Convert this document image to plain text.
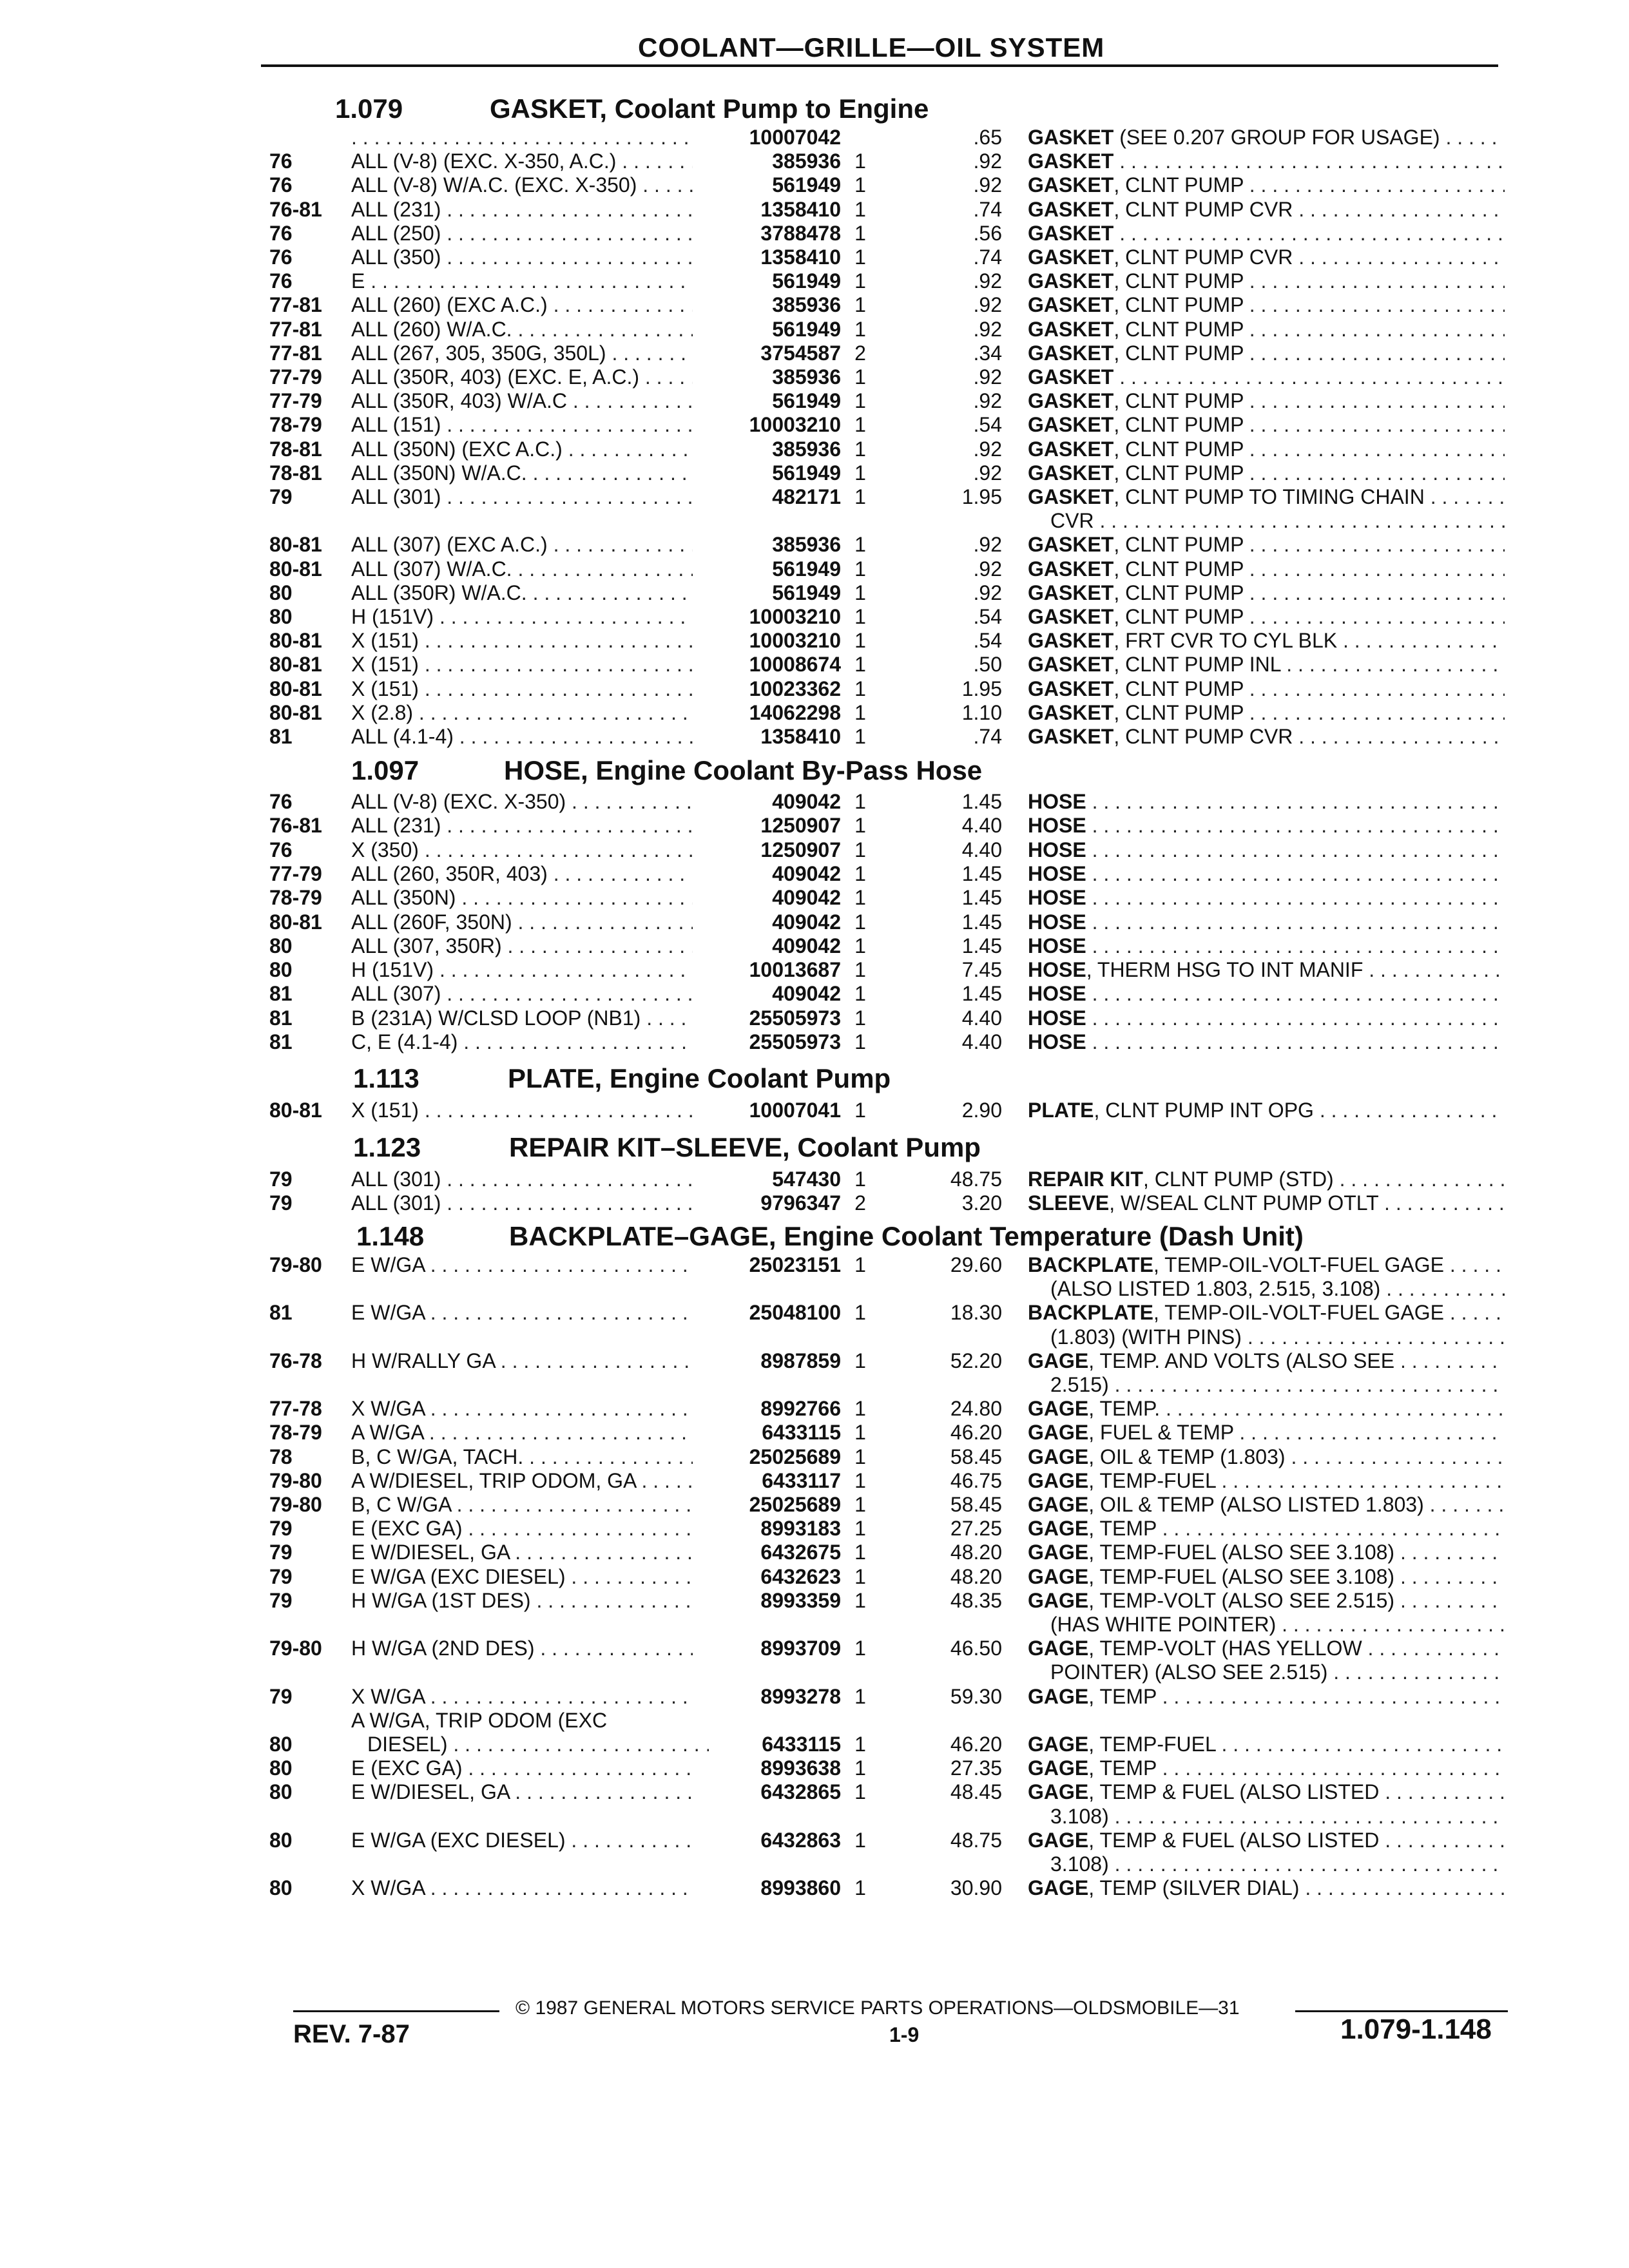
COOLANT—GRILLE—OIL SYSTEM
1.079	GASKET, Coolant Pump to Engine
. . .
10007042	.65 GASKET (SEE 0.207 GROUP FOR USAGE) . . .
76	ALL (V-8) (EXC. X-350, A.C.) . . .	385936 1	.92 GASKET . . .
76	ALL (V-8) W/A.C. (EXC. X-350) . . .	561949 1	.92 GASKET, CLNT PUMP . . .
76-81 ALL (231) . . .	1358410 1	.74 GASKET, CLNT PUMP CVR . . .
76	ALL (250) . . .	3788478 1	.56 GASKET . . .
76	ALL (350) . . .	1358410 1	.74 GASKET, CLNT PUMP CVR . . .
76	E . . .	561949 1	.92 GASKET, CLNT PUMP . . .
77-81 ALL (260) (EXC A.C.) . . .	385936 1	.92 GASKET, CLNT PUMP . . .
77-81 ALL (260) W/A.C. . . .	561949 1	.92 GASKET, CLNT PUMP . . .
77-81 ALL (267, 305, 350G, 350L) . . .	3754587 2	.34 GASKET, CLNT PUMP . . .
77-79 ALL (350R, 403) (EXC. E, A.C.) . . .	385936 1	.92 GASKET . . .
77-79 ALL (350R, 403) W/A.C . . .	561949 1	.92 GASKET, CLNT PUMP . . .
78-79 ALL (151) . . .	10003210 1	.54 GASKET, CLNT PUMP . . .
78-81 ALL (350N) (EXC A.C.) . . .	385936 1	.92 GASKET, CLNT PUMP . . .
78-81 ALL (350N) W/A.C. . . .	561949 1	.92 GASKET, CLNT PUMP . . .
79	ALL (301) . . .	482171 1	1.95 GASKET, CLNT PUMP TO TIMING CHAIN . . .
CVR . . .
80-81 ALL (307) (EXC A.C.) . . .	385936 1	.92 GASKET, CLNT PUMP . . .
80-81 ALL (307) W/A.C. . . .	561949 1	.92 GASKET, CLNT PUMP . . .
80	ALL (350R) W/A.C. . . .	561949 1	.92 GASKET, CLNT PUMP . . .
80	H (151V) . . .	10003210 1	.54 GASKET, CLNT PUMP . . .
80-81 X (151) . . .	10003210 1	.54 GASKET, FRT CVR TO CYL BLK . . .
80-81 X (151) . . .	10008674 1	.50 GASKET, CLNT PUMP INL . . .
80-81 X (151) . . .	10023362 1	1.95 GASKET, CLNT PUMP . . .
80-81 X (2.8) . . .	14062298 1	1.10 GASKET, CLNT PUMP . . .
81	ALL (4.1-4) . . .	1358410 1	.74 GASKET, CLNT PUMP CVR . . .
1.097	HOSE, Engine Coolant By-Pass Hose
76	ALL (V-8) (EXC. X-350) . . .	409042 1	1.45 HOSE . . .
76-81 ALL (231) . . .	1250907 1	4.40 HOSE . . .
76	X (350) . . .	1250907 1	4.40 HOSE . . .
77-79 ALL (260, 350R, 403) . . .	409042 1	1.45 HOSE . . .
78-79 ALL (350N) . . .	409042 1	1.45 HOSE . . .
80-81 ALL (260F, 350N) . . .	409042 1	1.45 HOSE . . .
80	ALL (307, 350R) . . .	409042 1	1.45 HOSE . . .
80	H (151V) . . .	10013687 1	7.45 HOSE, THERM HSG TO INT MANIF . . .
81	ALL (307) . . .	409042 1	1.45 HOSE . . .
81	B (231A) W/CLSD LOOP (NB1) . . .	25505973 1	4.40 HOSE . . .
81	C, E (4.1-4) . . .	25505973 1	4.40 HOSE . . .
1.113	PLATE, Engine Coolant Pump
80-81 X (151) . . .	10007041 1	2.90 PLATE, CLNT PUMP INT OPG . . .
1.123	REPAIR KIT–SLEEVE, Coolant Pump
79	ALL (301) . . .	547430 1	48.75 REPAIR KIT, CLNT PUMP (STD) . . .
79	ALL (301) . . .	9796347 2	3.20 SLEEVE, W/SEAL CLNT PUMP OTLT . . .
1.148	BACKPLATE–GAGE, Engine Coolant Temperature (Dash Unit)
79-80 E W/GA . . .	25023151 1	29.60 BACKPLATE, TEMP-OIL-VOLT-FUEL GAGE . . .
(ALSO LISTED 1.803, 2.515, 3.108) . . .
81	E W/GA . . .	25048100 1	18.30 BACKPLATE, TEMP-OIL-VOLT-FUEL GAGE . . .
(1.803) (WITH PINS) . . .
76-78 H W/RALLY GA . . .	8987859 1	52.20 GAGE, TEMP. AND VOLTS (ALSO SEE . . .
2.515) . . .
77-78 X W/GA . . .	8992766 1	24.80 GAGE, TEMP. . . .
78-79 A W/GA . . .	6433115 1	46.20 GAGE, FUEL & TEMP . . .
78	B, C W/GA, TACH. . . .	25025689 1	58.45 GAGE, OIL & TEMP (1.803) . . .
79-80 A W/DIESEL, TRIP ODOM, GA . . .	6433117 1	46.75 GAGE, TEMP-FUEL . . .
79-80 B, C W/GA . . .	25025689 1	58.45 GAGE, OIL & TEMP (ALSO LISTED 1.803) . . .
79	E (EXC GA) . . .	8993183 1	27.25 GAGE, TEMP . . .
79	E W/DIESEL, GA . . .	6432675 1	48.20 GAGE, TEMP-FUEL (ALSO SEE 3.108) . . .
79	E W/GA (EXC DIESEL) . . .	6432623 1	48.20 GAGE, TEMP-FUEL (ALSO SEE 3.108) . . .
79	H W/GA (1ST DES) . . .	8993359 1	48.35 GAGE, TEMP-VOLT (ALSO SEE 2.515) . . .
(HAS WHITE POINTER) . . .
79-80 H W/GA (2ND DES) . . .	8993709 1	46.50 GAGE, TEMP-VOLT (HAS YELLOW . . .
POINTER) (ALSO SEE 2.515) . . .
79	X W/GA . . .	8993278 1	59.30 GAGE, TEMP . . .
A W/GA, TRIP ODOM (EXC
80	DIESEL) . . .	6433115 1	46.20 GAGE, TEMP-FUEL . . .
80	E (EXC GA) . . .	8993638 1	27.35 GAGE, TEMP . . .
80	E W/DIESEL, GA . . .	6432865 1	48.45 GAGE, TEMP & FUEL (ALSO LISTED . . .
3.108) . . .
80	E W/GA (EXC DIESEL) . . .	6432863 1	48.75 GAGE, TEMP & FUEL (ALSO LISTED . . .
3.108) . . .
80	X W/GA . . .	8993860 1	30.90 GAGE, TEMP (SILVER DIAL) . . .
© 1987 GENERAL MOTORS SERVICE PARTS OPERATIONS—OLDSMOBILE—31
REV. 7-87	1-9	1.079-1.148
